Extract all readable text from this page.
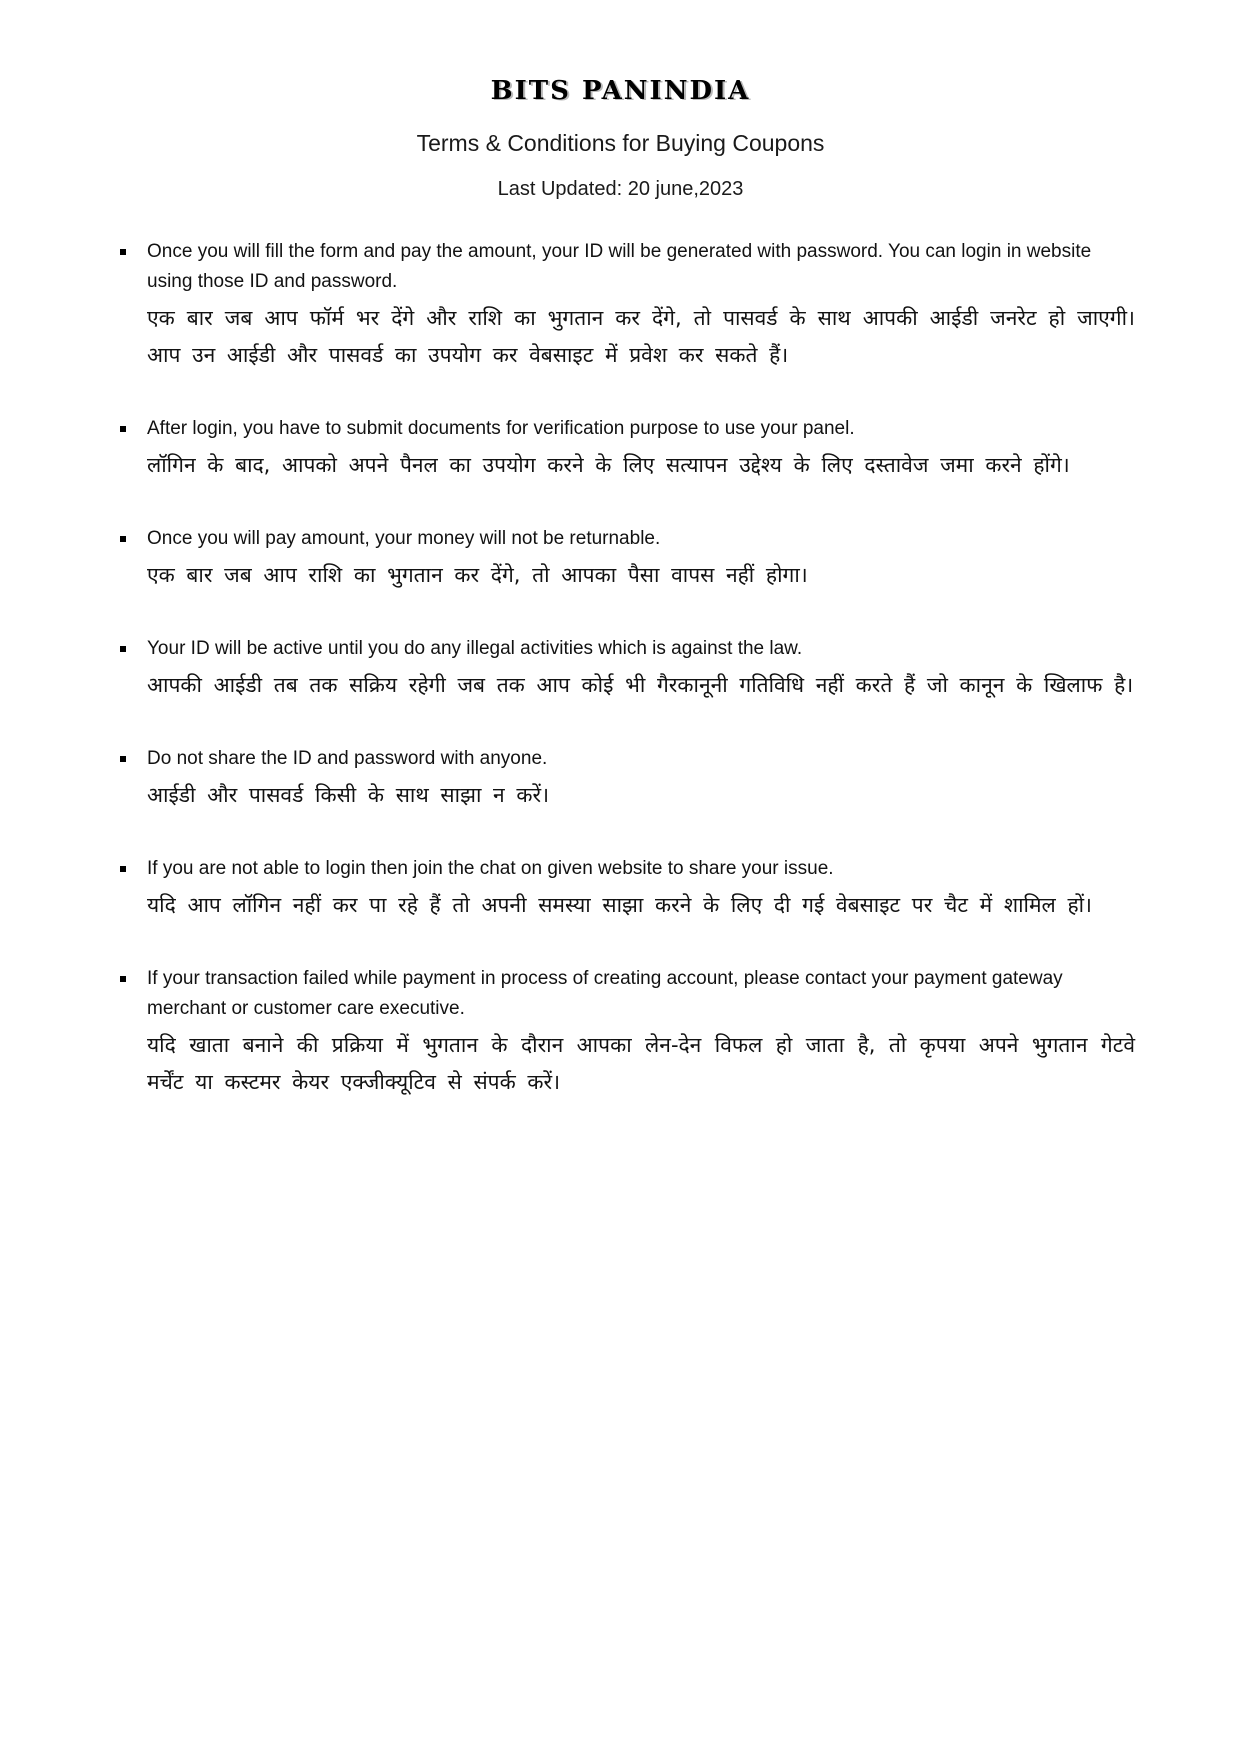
BITS PANINDIA
Terms & Conditions for Buying Coupons

Last Updated: 20 june,2023

Once you will fill the form and pay the amount, your ID will be generated with password. You can login in website using those ID and password.

एक बार जब आप फॉर्म भर देंगे और राशि का भुगतान कर देंगे, तो पासवर्ड के साथ आपकी आईडी जनरेट हो जाएगी। आप उन आईडी और पासवर्ड का उपयोग कर वेबसाइट में प्रवेश कर सकते हैं।

After login, you have to submit documents for verification purpose to use your panel.

लॉगिन के बाद, आपको अपने पैनल का उपयोग करने के लिए सत्यापन उद्देश्य के लिए दस्तावेज जमा करने होंगे।

Once you will pay amount, your money will not be returnable.

एक बार जब आप राशि का भुगतान कर देंगे, तो आपका पैसा वापस नहीं होगा।

Your ID will be active until you do any illegal activities which is against the law.

आपकी आईडी तब तक सक्रिय रहेगी जब तक आप कोई भी गैरकानूनी गतिविधि नहीं करते हैं जो कानून के खिलाफ है।

Do not share the ID and password with anyone.

आईडी और पासवर्ड किसी के साथ साझा न करें।

If you are not able to login then join the chat on given website to share your issue.

यदि आप लॉगिन नहीं कर पा रहे हैं तो अपनी समस्या साझा करने के लिए दी गई वेबसाइट पर चैट में शामिल हों।

If your transaction failed while payment in process of creating account, please contact your payment gateway merchant or customer care executive.

यदि खाता बनाने की प्रक्रिया में भुगतान के दौरान आपका लेन-देन विफल हो जाता है, तो कृपया अपने भुगतान गेटवे मर्चेंट या कस्टमर केयर एक्जीक्यूटिव से संपर्क करें।
